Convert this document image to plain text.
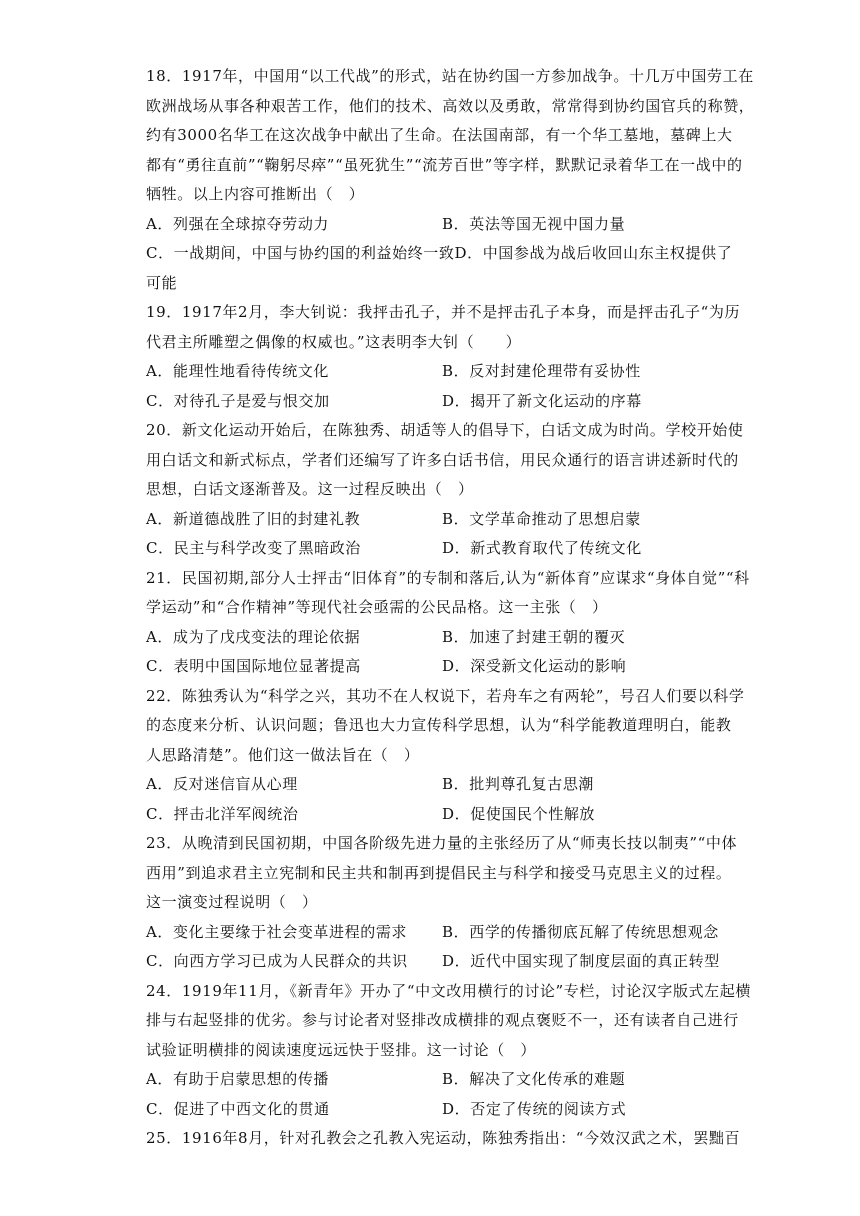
18．1917年，中国用“以工代战”的形式，站在协约国一方参加战争。十几万中国劳工在
欧洲战场从事各种艰苦工作，他们的技术、高效以及勇敢，常常得到协约国官兵的称赞，
约有3000名华工在这次战争中献出了生命。在法国南部，有一个华工墓地，墓碑上大
都有“勇往直前”“鞠躬尽瘁”“虽死犹生”“流芳百世”等字样，默默记录着华工在一战中的
牺牲。以上内容可推断出（　）
A．列强在全球掠夺劳动力	B．英法等国无视中国力量
C．一战期间，中国与协约国的利益始终一致D．中国参战为战后收回山东主权提供了
可能
19．1917年2月，李大钊说：我抨击孔子，并不是抨击孔子本身，而是抨击孔子“为历
代君主所雕塑之偶像的权威也。”这表明李大钊（　　）
A．能理性地看待传统文化	B．反对封建伦理带有妥协性
C．对待孔子是爱与恨交加	D．揭开了新文化运动的序幕
20．新文化运动开始后，在陈独秀、胡适等人的倡导下，白话文成为时尚。学校开始使
用白话文和新式标点，学者们还编写了许多白话书信，用民众通行的语言讲述新时代的
思想，白话文逐渐普及。这一过程反映出（　）
A．新道德战胜了旧的封建礼教	B．文学革命推动了思想启蒙
C．民主与科学改变了黑暗政治	D．新式教育取代了传统文化
21．民国初期,部分人士抨击“旧体育”的专制和落后,认为“新体育”应谋求“身体自觉”“科
学运动”和“合作精神”等现代社会亟需的公民品格。这一主张（　）
A．成为了戊戌变法的理论依据	B．加速了封建王朝的覆灭
C．表明中国国际地位显著提高	D．深受新文化运动的影响
22．陈独秀认为“科学之兴，其功不在人权说下，若舟车之有两轮”，号召人们要以科学
的态度来分析、认识问题；鲁迅也大力宣传科学思想，认为“科学能教道理明白，能教
人思路清楚”。他们这一做法旨在（　）
A．反对迷信盲从心理	B．批判尊孔复古思潮
C．抨击北洋军阀统治	D．促使国民个性解放
23．从晚清到民国初期，中国各阶级先进力量的主张经历了从“师夷长技以制夷”“中体
西用”到追求君主立宪制和民主共和制再到提倡民主与科学和接受马克思主义的过程。
这一演变过程说明（　）
A．变化主要缘于社会变革进程的需求	B．西学的传播彻底瓦解了传统思想观念
C．向西方学习已成为人民群众的共识	D．近代中国实现了制度层面的真正转型
24．1919年11月，《新青年》开办了“中文改用横行的讨论”专栏，讨论汉字版式左起横
排与右起竖排的优劣。参与讨论者对竖排改成横排的观点褒贬不一，还有读者自己进行
试验证明横排的阅读速度远远快于竖排。这一讨论（　）
A．有助于启蒙思想的传播	B．解决了文化传承的难题
C．促进了中西文化的贯通	D．否定了传统的阅读方式
25．1916年8月，针对孔教会之孔教入宪运动，陈独秀指出：“今效汉武之术，罢黜百
